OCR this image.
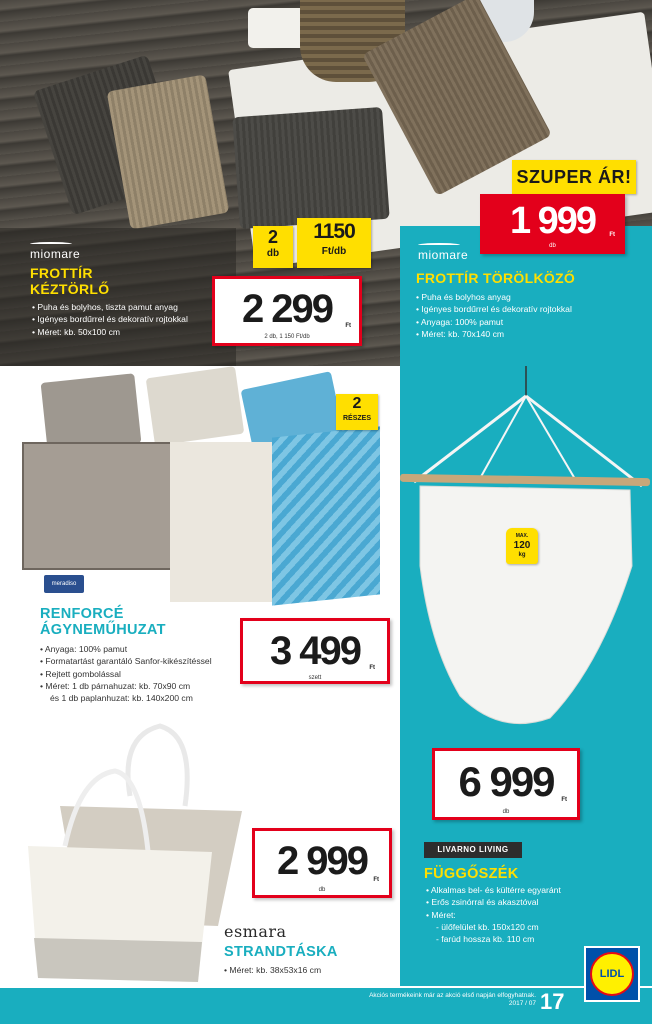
miomare
FROTTÍR
KÉZTÖRLŐ
• Puha és bolyhos, tiszta pamut anyag
• Igényes bordűrrel és dekoratív rojtokkal
• Méret: kb. 50x100 cm
2
db
1150
Ft/db
2 299	Ft
2 db, 1 150 Ft/db
SZUPER ÁR!
1 999	Ft
db
miomare
FROTTÍR TÖRÖLKÖZŐ
• Puha és bolyhos anyag
• Igényes bordűrrel és dekoratív rojtokkal
• Anyaga: 100% pamut
• Méret: kb. 70x140 cm
2
RÉSZES
meradiso
RENFORCÉ
ÁGYNEMŰHUZAT
• Anyaga: 100% pamut
• Formatartást garantáló Sanfor-kikészítéssel
• Rejtett gombolással
• Méret: 1 db párnahuzat: kb. 70x90 cm
és 1 db paplanhuzat: kb. 140x200 cm
3 499	Ft
szett
MAX.
120
kg
6 999	Ft
db
LIVARNO LIVING
FÜGGŐSZÉK
• Alkalmas bel- és kültérre egyaránt
• Erős zsinórral és akasztóval
• Méret:
- ülőfelület kb. 150x120 cm
- farúd hossza kb. 110 cm
2 999	Ft
db
esmara
STRANDTÁSKA
• Méret: kb. 38x53x16 cm
Akciós termékeink már az akció első napján elfogyhatnak.
2017 / 07 17
LIDL
